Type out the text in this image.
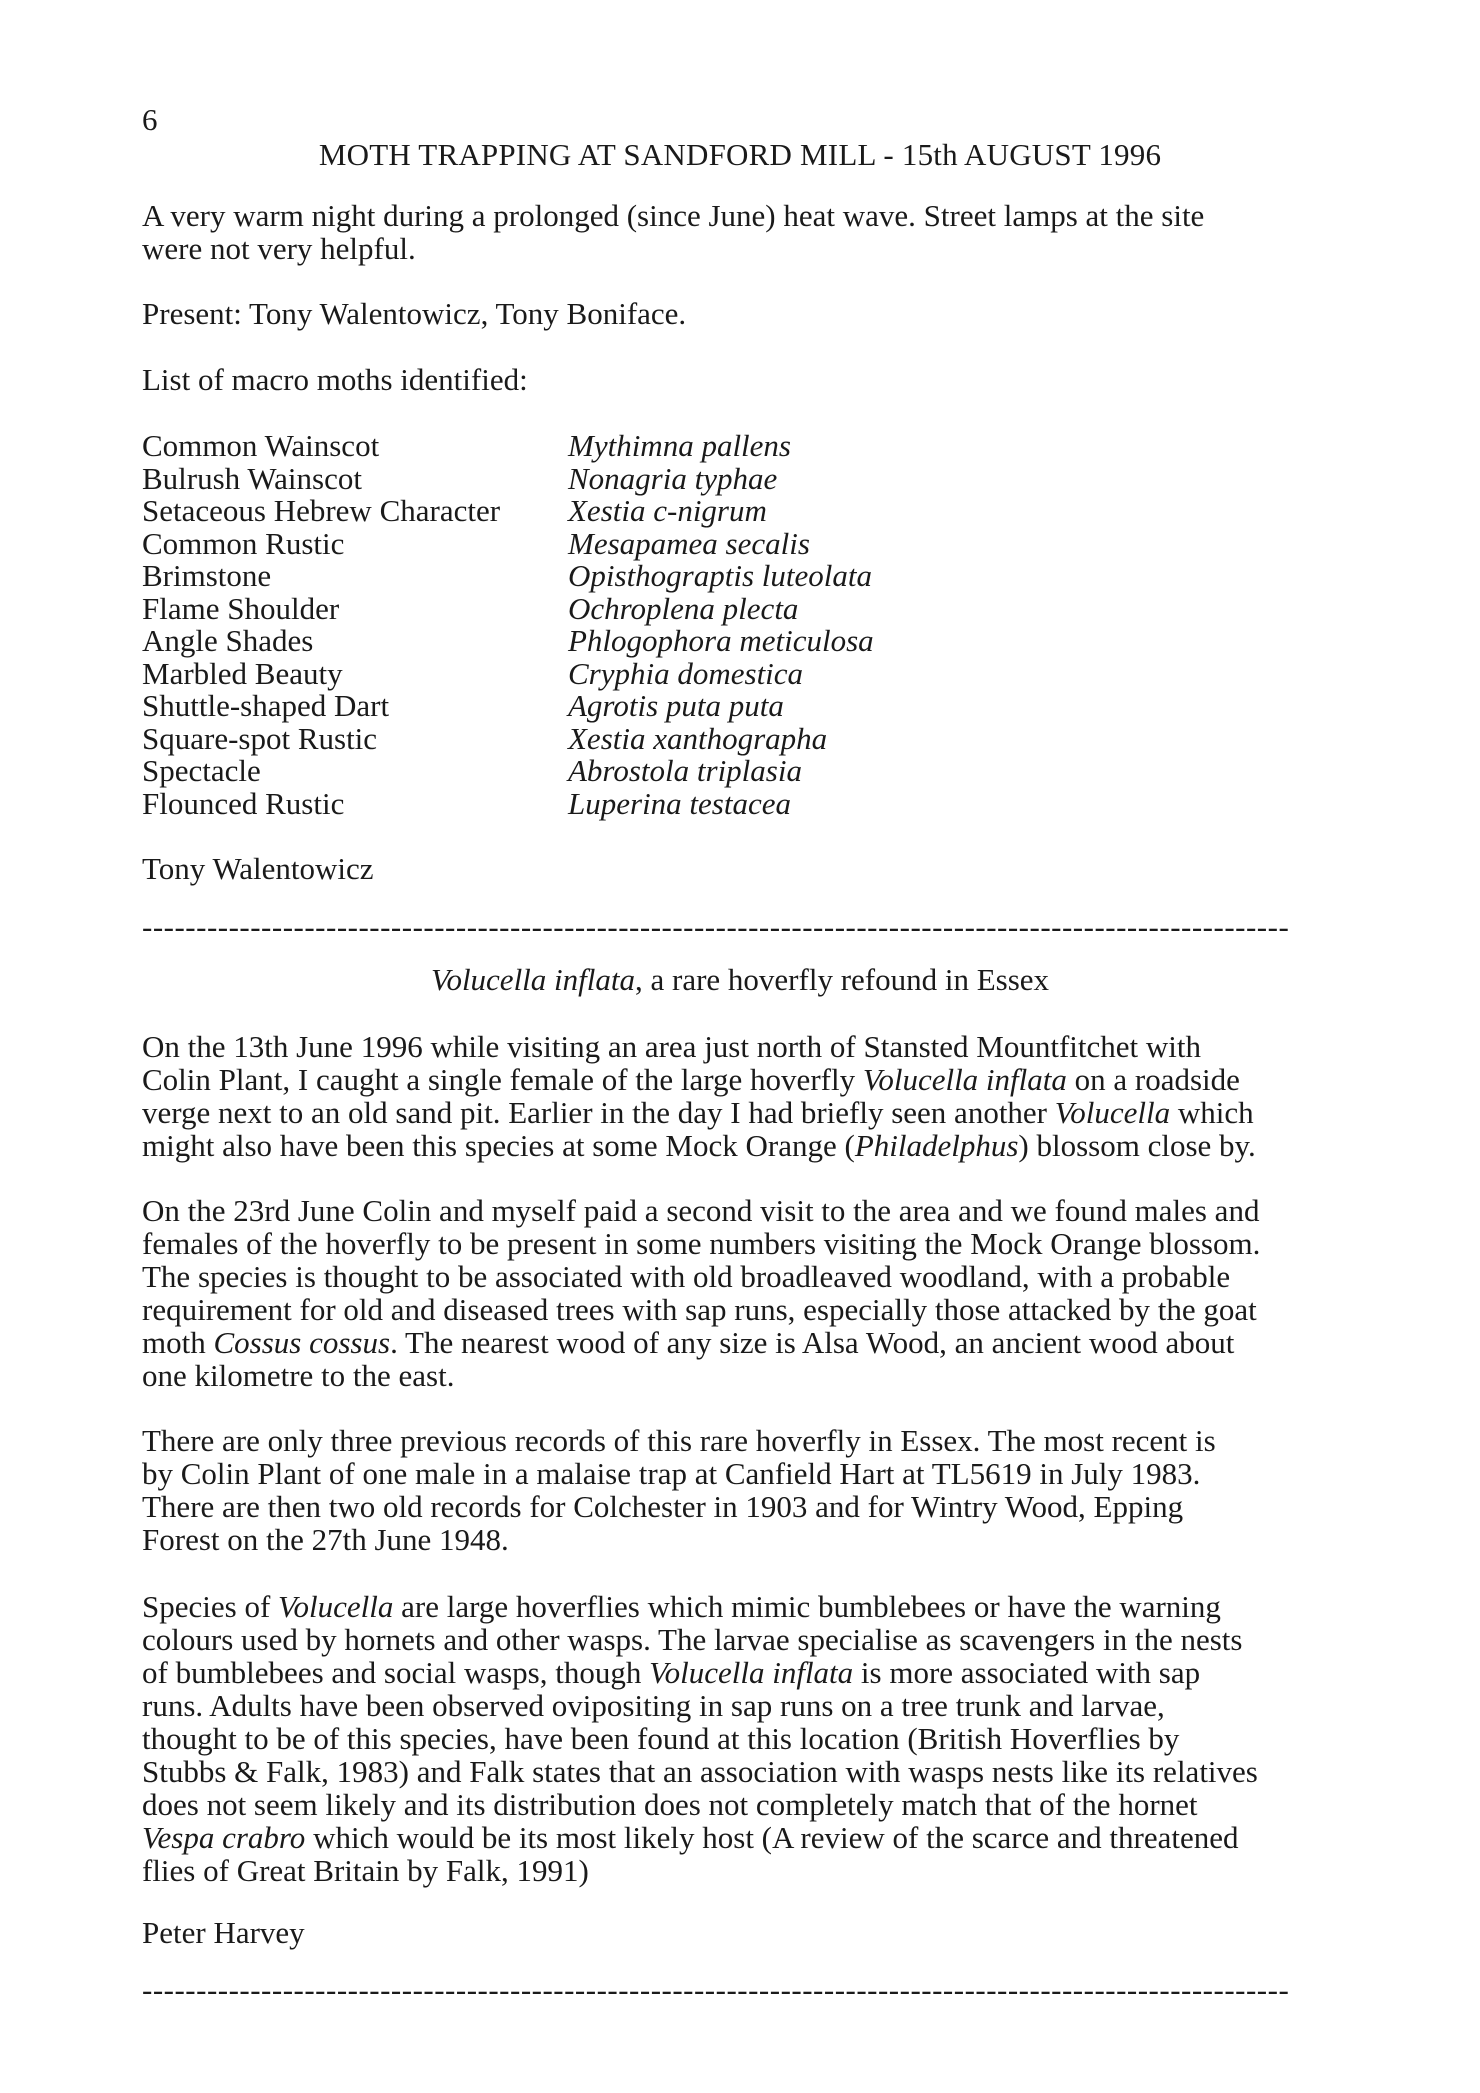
6
MOTH TRAPPING AT SANDFORD MILL - 15th AUGUST 1996
A very warm night during a prolonged (since June) heat wave. Street lamps at the site
were not very helpful.
Present: Tony Walentowicz, Tony Boniface.
List of macro moths identified:
Common Wainscot
Bulrush Wainscot
Setaceous Hebrew Character
Common Rustic
Brimstone
Flame Shoulder
Angle Shades
Marbled Beauty
Shuttle-shaped Dart
Square-spot Rustic
Spectacle
Flounced Rustic
Mythimna pallens
Nonagria typhae
Xestia c-nigrum
Mesapamea secalis
Opisthograptis luteolata
Ochroplena plecta
Phlogophora meticulosa
Cryphia domestica
Agrotis puta puta
Xestia xanthographa
Abrostola triplasia
Luperina testacea
Tony Walentowicz
----------------------------------------------------------------------------------------------------------
Volucella inflata, a rare hoverfly refound in Essex
On the 13th June 1996 while visiting an area just north of Stansted Mountfitchet with
Colin Plant, I caught a single female of the large hoverfly Volucella inflata on a roadside
verge next to an old sand pit. Earlier in the day I had briefly seen another Volucella which
might also have been this species at some Mock Orange (Philadelphus) blossom close by.
On the 23rd June Colin and myself paid a second visit to the area and we found males and
females of the hoverfly to be present in some numbers visiting the Mock Orange blossom.
The species is thought to be associated with old broadleaved woodland, with a probable
requirement for old and diseased trees with sap runs, especially those attacked by the goat
moth Cossus cossus. The nearest wood of any size is Alsa Wood, an ancient wood about
one kilometre to the east.
There are only three previous records of this rare hoverfly in Essex. The most recent is
by Colin Plant of one male in a malaise trap at Canfield Hart at TL5619 in July 1983.
There are then two old records for Colchester in 1903 and for Wintry Wood, Epping
Forest on the 27th June 1948.
Species of Volucella are large hoverflies which mimic bumblebees or have the warning
colours used by hornets and other wasps. The larvae specialise as scavengers in the nests
of bumblebees and social wasps, though Volucella inflata is more associated with sap
runs. Adults have been observed ovipositing in sap runs on a tree trunk and larvae,
thought to be of this species, have been found at this location (British Hoverflies by
Stubbs & Falk, 1983) and Falk states that an association with wasps nests like its relatives
does not seem likely and its distribution does not completely match that of the hornet
Vespa crabro which would be its most likely host (A review of the scarce and threatened
flies of Great Britain by Falk, 1991)
Peter Harvey
----------------------------------------------------------------------------------------------------------
